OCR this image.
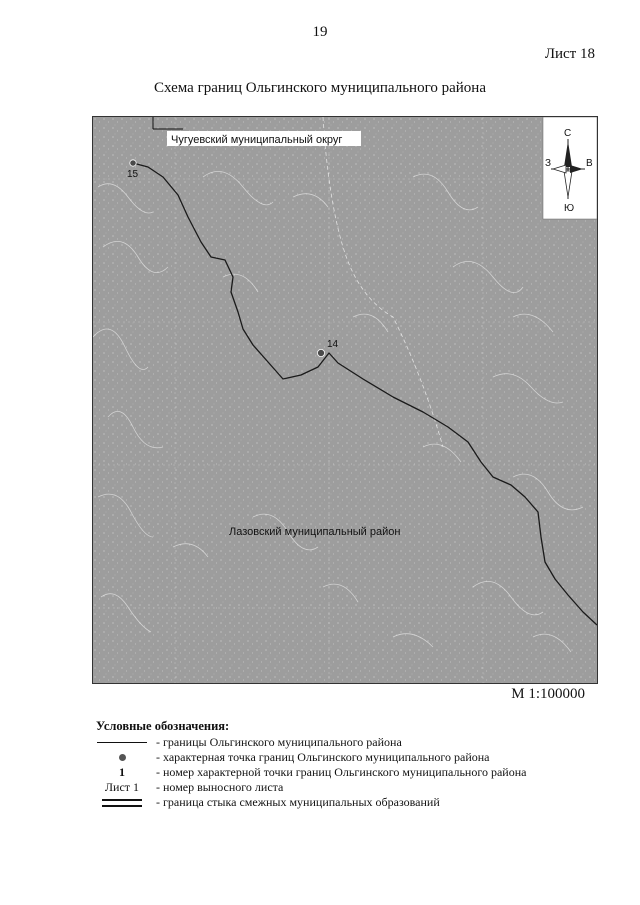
19
Лист 18
Схема границ Ольгинского муниципального района
Чугуевский муниципальный округ
Лазовский муниципальный район
15
14
С
Ю
З	В
М 1:100000
Условные обозначения:
- границы Ольгинского муниципального района
- характерная точка границ Ольгинского муниципального района
1	- номер характерной точки границ Ольгинского муниципального района
Лист 1 - номер выносного листа
- граница стыка смежных муниципальных образований
